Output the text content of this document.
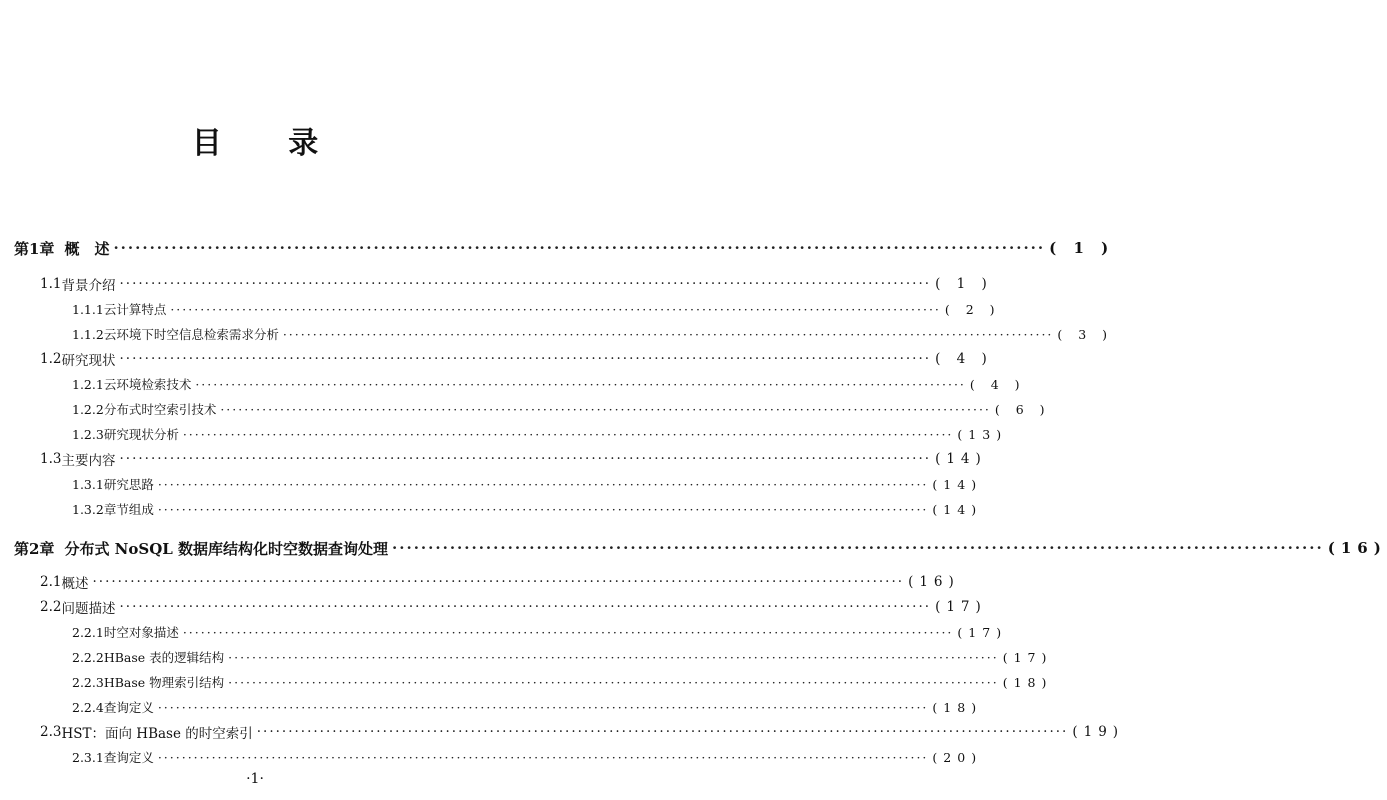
目 录
第1章 概　述 ·····	( 1 )
1.1 背景介绍 ·····	( 1 )
1.1.1 云计算特点 ·····	( 2 )
1.1.2 云环境下时空信息检索需求分析 ·····	( 3 )
1.2 研究现状 ·····	( 4 )
1.2.1 云环境检索技术 ·····	( 4 )
1.2.2 分布式时空索引技术 ·····	( 6 )
1.2.3 研究现状分析 ·····	(13)
1.3 主要内容 ·····	(14)
1.3.1 研究思路 ·····	(14)
1.3.2 章节组成 ·····	(14)
第2章 分布式 NoSQL 数据库结构化时空数据查询处理 ·····	(16)
2.1 概述 ·····	(16)
2.2 问题描述 ·····	(17)
2.2.1 时空对象描述 ·····	(17)
2.2.2 HBase 表的逻辑结构 ·····	(17)
2.2.3 HBase 物理索引结构 ·····	(18)
2.2.4 查询定义 ·····	(18)
2.3 HST：面向 HBase 的时空索引 ·····	(19)
2.3.1 查询定义 ·····	(20)
·1·
